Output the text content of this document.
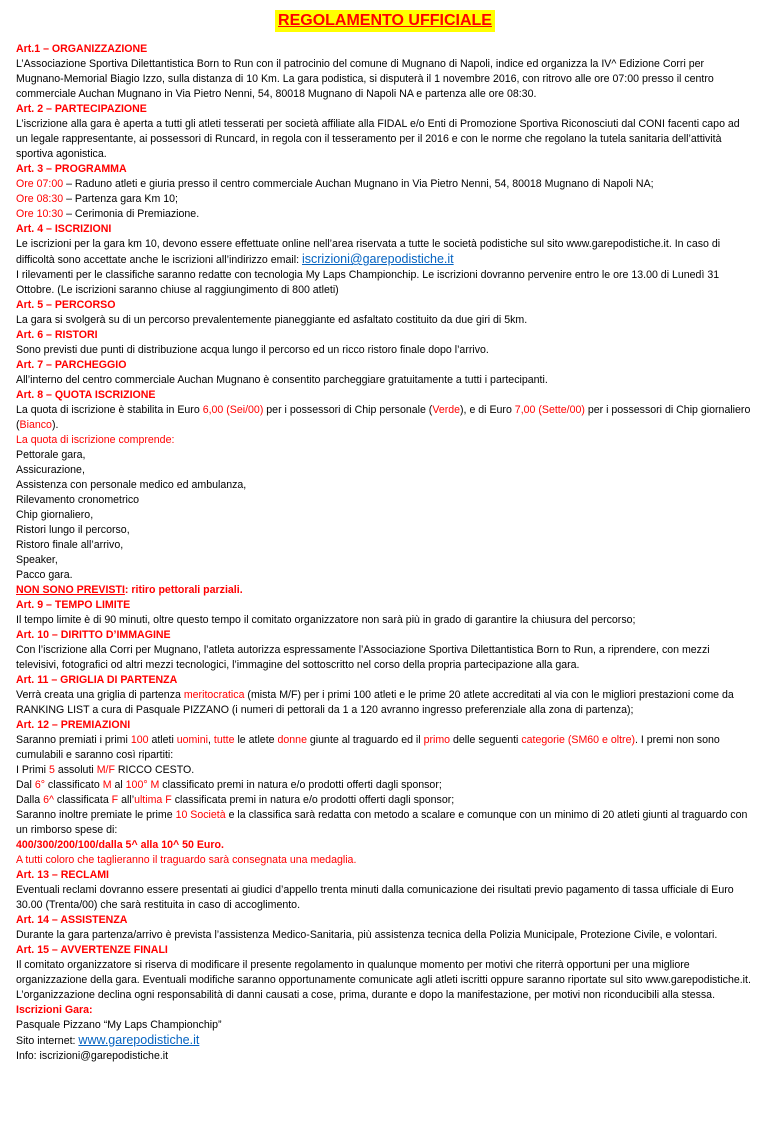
REGOLAMENTO UFFICIALE

Art.1 – ORGANIZZAZIONE

L’Associazione Sportiva Dilettantistica Born to Run con il patrocinio del comune di Mugnano di Napoli, indice ed organizza la IV^ Edizione Corri per Mugnano-Memorial Biagio Izzo, sulla distanza di 10 Km. La gara podistica, si disputerà il 1 novembre 2016, con ritrovo alle ore 07:00 presso il centro commerciale Auchan Mugnano in Via Pietro Nenni, 54, 80018 Mugnano di Napoli NA e partenza alle ore 08:30.

Art. 2 – PARTECIPAZIONE

L’iscrizione alla gara è aperta a tutti gli atleti tesserati per società affiliate alla FIDAL e/o Enti di Promozione Sportiva Riconosciuti dal CONI facenti capo ad un legale rappresentante, ai possessori di Runcard, in regola con il tesseramento per il 2016 e con le norme che regolano la tutela sanitaria dell’attività sportiva agonistica.

Art. 3 – PROGRAMMA

Ore 07:00 – Raduno atleti e giuria presso il centro commerciale Auchan Mugnano in Via Pietro Nenni, 54, 80018 Mugnano di Napoli NA;

Ore 08:30 – Partenza gara Km 10;

Ore 10:30 – Cerimonia di Premiazione.

Art. 4 – ISCRIZIONI

Le iscrizioni per la gara km 10, devono essere effettuate online nell’area riservata a tutte le società podistiche sul sito www.garepodistiche.it. In caso di difficoltà sono accettate anche le iscrizioni all’indirizzo email: iscrizioni@garepodistiche.it

I rilevamenti per le classifiche saranno redatte con tecnologia My Laps Championchip. Le iscrizioni dovranno pervenire entro le ore 13.00 di Lunedì 31 Ottobre. (Le iscrizioni saranno chiuse al raggiungimento di 800 atleti)

Art. 5 – PERCORSO

La gara si svolgerà su di un percorso prevalentemente pianeggiante ed asfaltato costituito da due giri di 5km.

Art. 6 – RISTORI

Sono previsti due punti di distribuzione acqua lungo il percorso ed un ricco ristoro finale dopo l’arrivo.

Art. 7 – PARCHEGGIO

All’interno del centro commerciale Auchan Mugnano è consentito parcheggiare gratuitamente a tutti i partecipanti.

Art. 8 – QUOTA ISCRIZIONE

La quota di iscrizione è stabilita in Euro 6,00 (Sei/00) per i possessori di Chip personale (Verde), e di Euro 7,00 (Sette/00) per i possessori di Chip giornaliero (Bianco).

La quota di iscrizione comprende:

Pettorale gara,

Assicurazione,

Assistenza con personale medico ed ambulanza,

Rilevamento cronometrico

Chip giornaliero,

Ristori lungo il percorso,

Ristoro finale all’arrivo,

Speaker,

Pacco gara.

NON SONO PREVISTI: ritiro pettorali parziali.

Art. 9 – TEMPO LIMITE

Il tempo limite è di 90 minuti, oltre questo tempo il comitato organizzatore non sarà più in grado di garantire la chiusura del percorso;

Art. 10 – DIRITTO D’IMMAGINE

Con l’iscrizione alla Corri per Mugnano, l’atleta autorizza espressamente l’Associazione Sportiva Dilettantistica Born to Run, a riprendere, con mezzi televisivi, fotografici od altri mezzi tecnologici, l’immagine del sottoscritto nel corso della propria partecipazione alla gara.

Art. 11 – GRIGLIA DI PARTENZA

Verrà creata una griglia di partenza meritocratica (mista M/F) per i primi 100 atleti e le prime 20 atlete accreditati al via con le migliori prestazioni come da RANKING LIST a cura di Pasquale PIZZANO (i numeri di pettorali da 1 a 120 avranno ingresso preferenziale alla zona di partenza);

Art. 12 – PREMIAZIONI

Saranno premiati i primi 100 atleti uomini, tutte le atlete donne giunte al traguardo ed il primo delle seguenti categorie (SM60 e oltre). I premi non sono cumulabili e saranno così ripartiti:

I Primi 5 assoluti M/F RICCO CESTO.

Dal 6° classificato M al 100° M classificato premi in natura e/o prodotti offerti dagli sponsor;

Dalla 6^ classificata F all’ultima F classificata premi in natura e/o prodotti offerti dagli sponsor;

Saranno inoltre premiate le prime 10 Società e la classifica sarà redatta con metodo a scalare e comunque con un minimo di 20 atleti giunti al traguardo con un rimborso spese di:

400/300/200/100/dalla 5^ alla 10^ 50 Euro.

A tutti coloro che taglieranno il traguardo sarà consegnata una medaglia.

Art. 13 – RECLAMI

Eventuali reclami dovranno essere presentati ai giudici d’appello trenta minuti dalla comunicazione dei risultati previo pagamento di tassa ufficiale di Euro 30.00 (Trenta/00) che sarà restituita in caso di accoglimento.

Art. 14 – ASSISTENZA

Durante la gara partenza/arrivo è prevista l’assistenza Medico-Sanitaria, più assistenza tecnica della Polizia Municipale, Protezione Civile, e volontari.

Art. 15 – AVVERTENZE FINALI

Il comitato organizzatore si riserva di modificare il presente regolamento in qualunque momento per motivi che riterrà opportuni per una migliore organizzazione della gara. Eventuali modifiche saranno opportunamente comunicate agli atleti iscritti oppure saranno riportate sul sito www.garepodistiche.it. L’organizzazione declina ogni responsabilità di danni causati a cose, prima, durante e dopo la manifestazione, per motivi non riconducibili alla stessa.

Iscrizioni Gara:

Pasquale Pizzano “My Laps Championchip”

Sito internet: www.garepodistiche.it

Info: iscrizioni@garepodistiche.it
